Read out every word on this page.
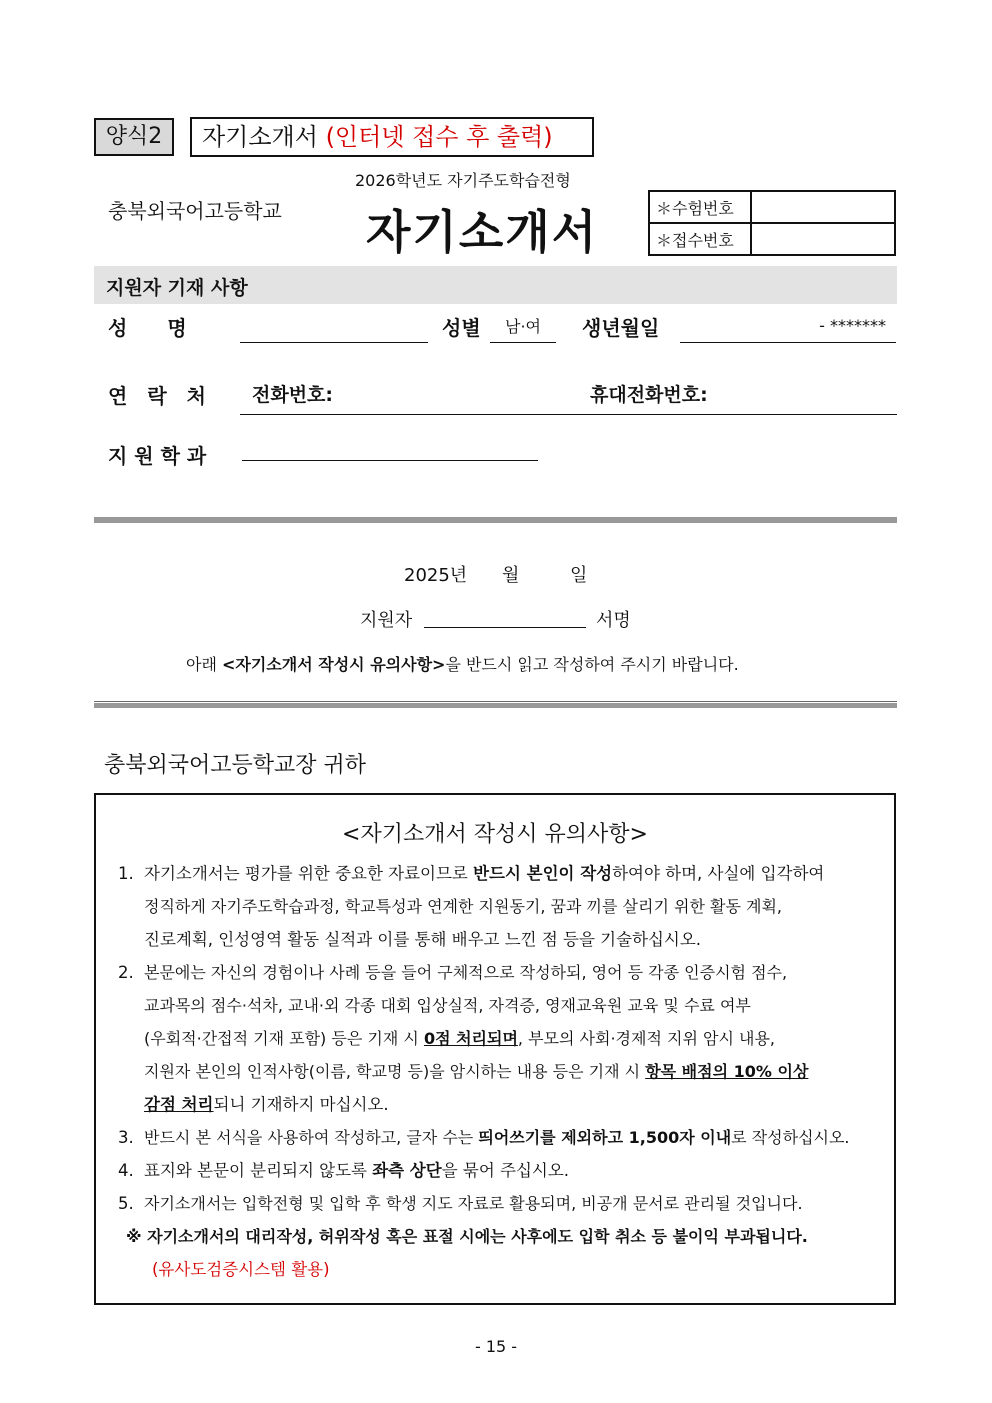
양식2	자기소개서 (인터넷 접수 후 출력)
충북외국어고등학교
2026학년도 자기주도학습전형
자기소개서	＊수험번호	
＊접수번호	
지원자 기재 사항
성　　명	성별	남·여	생년월일	- *******
연　락　처 전화번호:	휴대전화번호:
지 원 학 과
2025년 월	일
지원자	서명
아래 <자기소개서 작성시 유의사항>을 반드시 읽고 작성하여 주시기 바랍니다.
충북외국어고등학교장 귀하
<자기소개서 작성시 유의사항>
1. 자기소개서는 평가를 위한 중요한 자료이므로 반드시 본인이 작성하여야 하며, 사실에 입각하여
정직하게 자기주도학습과정, 학교특성과 연계한 지원동기, 꿈과 끼를 살리기 위한 활동 계획,
진로계획, 인성영역 활동 실적과 이를 통해 배우고 느낀 점 등을 기술하십시오.
2. 본문에는 자신의 경험이나 사례 등을 들어 구체적으로 작성하되, 영어 등 각종 인증시험 점수,
교과목의 점수·석차, 교내·외 각종 대회 입상실적, 자격증, 영재교육원 교육 및 수료 여부
(우회적·간접적 기재 포함) 등은 기재 시 0점 처리되며, 부모의 사회·경제적 지위 암시 내용,
지원자 본인의 인적사항(이름, 학교명 등)을 암시하는 내용 등은 기재 시 항목 배점의 10% 이상
감점 처리되니 기재하지 마십시오.
3. 반드시 본 서식을 사용하여 작성하고, 글자 수는 띄어쓰기를 제외하고 1,500자 이내로 작성하십시오.
4. 표지와 본문이 분리되지 않도록 좌측 상단을 묶어 주십시오.
5. 자기소개서는 입학전형 및 입학 후 학생 지도 자료로 활용되며, 비공개 문서로 관리될 것입니다.
※ 자기소개서의 대리작성, 허위작성 혹은 표절 시에는 사후에도 입학 취소 등 불이익 부과됩니다.
(유사도검증시스템 활용)
- 15 -
